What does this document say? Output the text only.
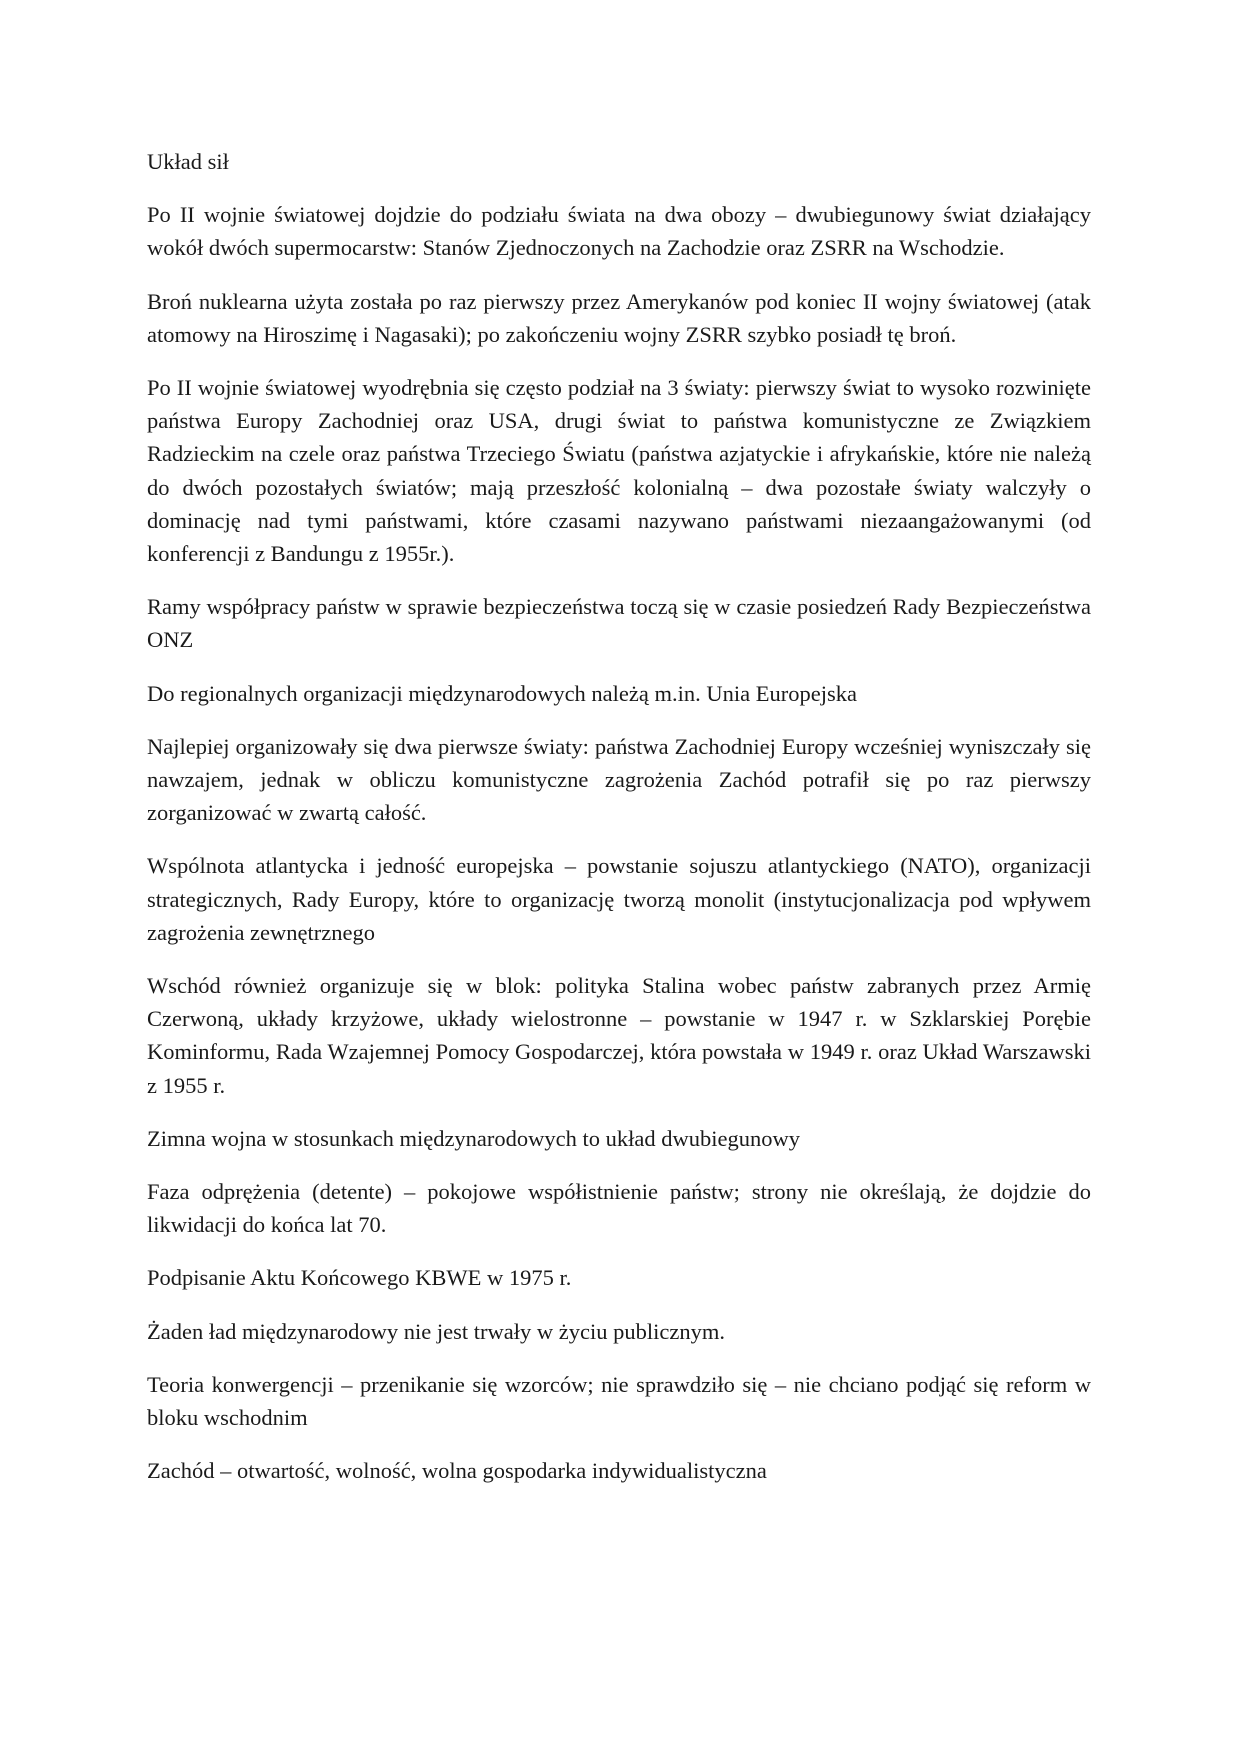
Układ sił

Po II wojnie światowej dojdzie do podziału świata na dwa obozy – dwubiegunowy świat działający wokół dwóch supermocarstw: Stanów Zjednoczonych na Zachodzie oraz ZSRR na Wschodzie.

Broń nuklearna użyta została po raz pierwszy przez Amerykanów pod koniec II wojny światowej (atak atomowy na Hiroszimę i Nagasaki); po zakończeniu wojny ZSRR szybko posiadł tę broń.

Po II wojnie światowej wyodrębnia się często podział na 3 światy: pierwszy świat to wysoko rozwinięte państwa Europy Zachodniej oraz USA, drugi świat to państwa komunistyczne ze Związkiem Radzieckim na czele oraz państwa Trzeciego Światu (państwa azjatyckie i afrykańskie, które nie należą do dwóch pozostałych światów; mają przeszłość kolonialną – dwa pozostałe światy walczyły o dominację nad tymi państwami, które czasami nazywano państwami niezaangażowanymi (od konferencji z Bandungu z 1955r.).

Ramy współpracy państw w sprawie bezpieczeństwa toczą się w czasie posiedzeń Rady Bezpieczeństwa ONZ

Do regionalnych organizacji międzynarodowych należą m.in. Unia Europejska

Najlepiej organizowały się dwa pierwsze światy: państwa Zachodniej Europy wcześniej wyniszczały się nawzajem, jednak w obliczu komunistyczne zagrożenia Zachód potrafił się po raz pierwszy zorganizować w zwartą całość.

Wspólnota atlantycka i jedność europejska – powstanie sojuszu atlantyckiego (NATO), organizacji strategicznych, Rady Europy, które to organizację tworzą monolit (instytucjonalizacja pod wpływem zagrożenia zewnętrznego

Wschód również organizuje się w blok: polityka Stalina wobec państw zabranych przez Armię Czerwoną, układy krzyżowe, układy wielostronne – powstanie w 1947 r. w Szklarskiej Porębie Kominformu, Rada Wzajemnej Pomocy Gospodarczej, która powstała w 1949 r. oraz Układ Warszawski z 1955 r.

Zimna wojna w stosunkach międzynarodowych to układ dwubiegunowy

Faza odprężenia (detente) – pokojowe współistnienie państw; strony nie określają, że dojdzie do likwidacji do końca lat 70.

Podpisanie Aktu Końcowego KBWE w 1975 r.

Żaden ład międzynarodowy nie jest trwały w życiu publicznym.

Teoria konwergencji – przenikanie się wzorców; nie sprawdziło się – nie chciano podjąć się reform w bloku wschodnim

Zachód – otwartość, wolność, wolna gospodarka indywidualistyczna
